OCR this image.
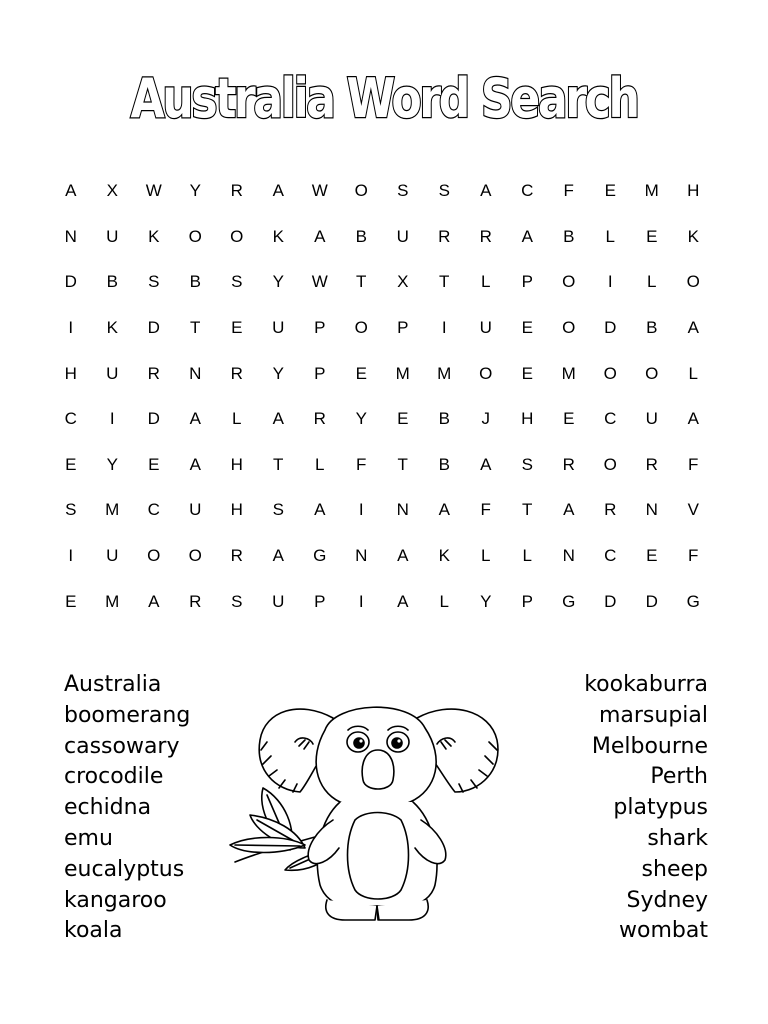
Australia Word Search
A	X	W	Y	R	A	W	O	S	S	A	C	F	E	M	H
N	U	K	O	O	K	A	B	U	R	R	A	B	L	E	K
D	B	S	B	S	Y	W	T	X	T	L	P	O	I	L	O
I	K	D	T	E	U	P	O	P	I	U	E	O	D	B	A
H	U	R	N	R	Y	P	E	M	M	O	E	M	O	O	L
C	I	D	A	L	A	R	Y	E	B	J	H	E	C	U	A
E	Y	E	A	H	T	L	F	T	B	A	S	R	O	R	F
S	M	C	U	H	S	A	I	N	A	F	T	A	R	N	V
I	U	O	O	R	A	G	N	A	K	L	L	N	C	E	F
E	M	A	R	S	U	P	I	A	L	Y	P	G	D	D	G
Australia
boomerang
cassowary
crocodile
echidna
emu
eucalyptus
kangaroo
koala
kookaburra
marsupial
Melbourne
Perth
platypus
shark
sheep
Sydney
wombat
